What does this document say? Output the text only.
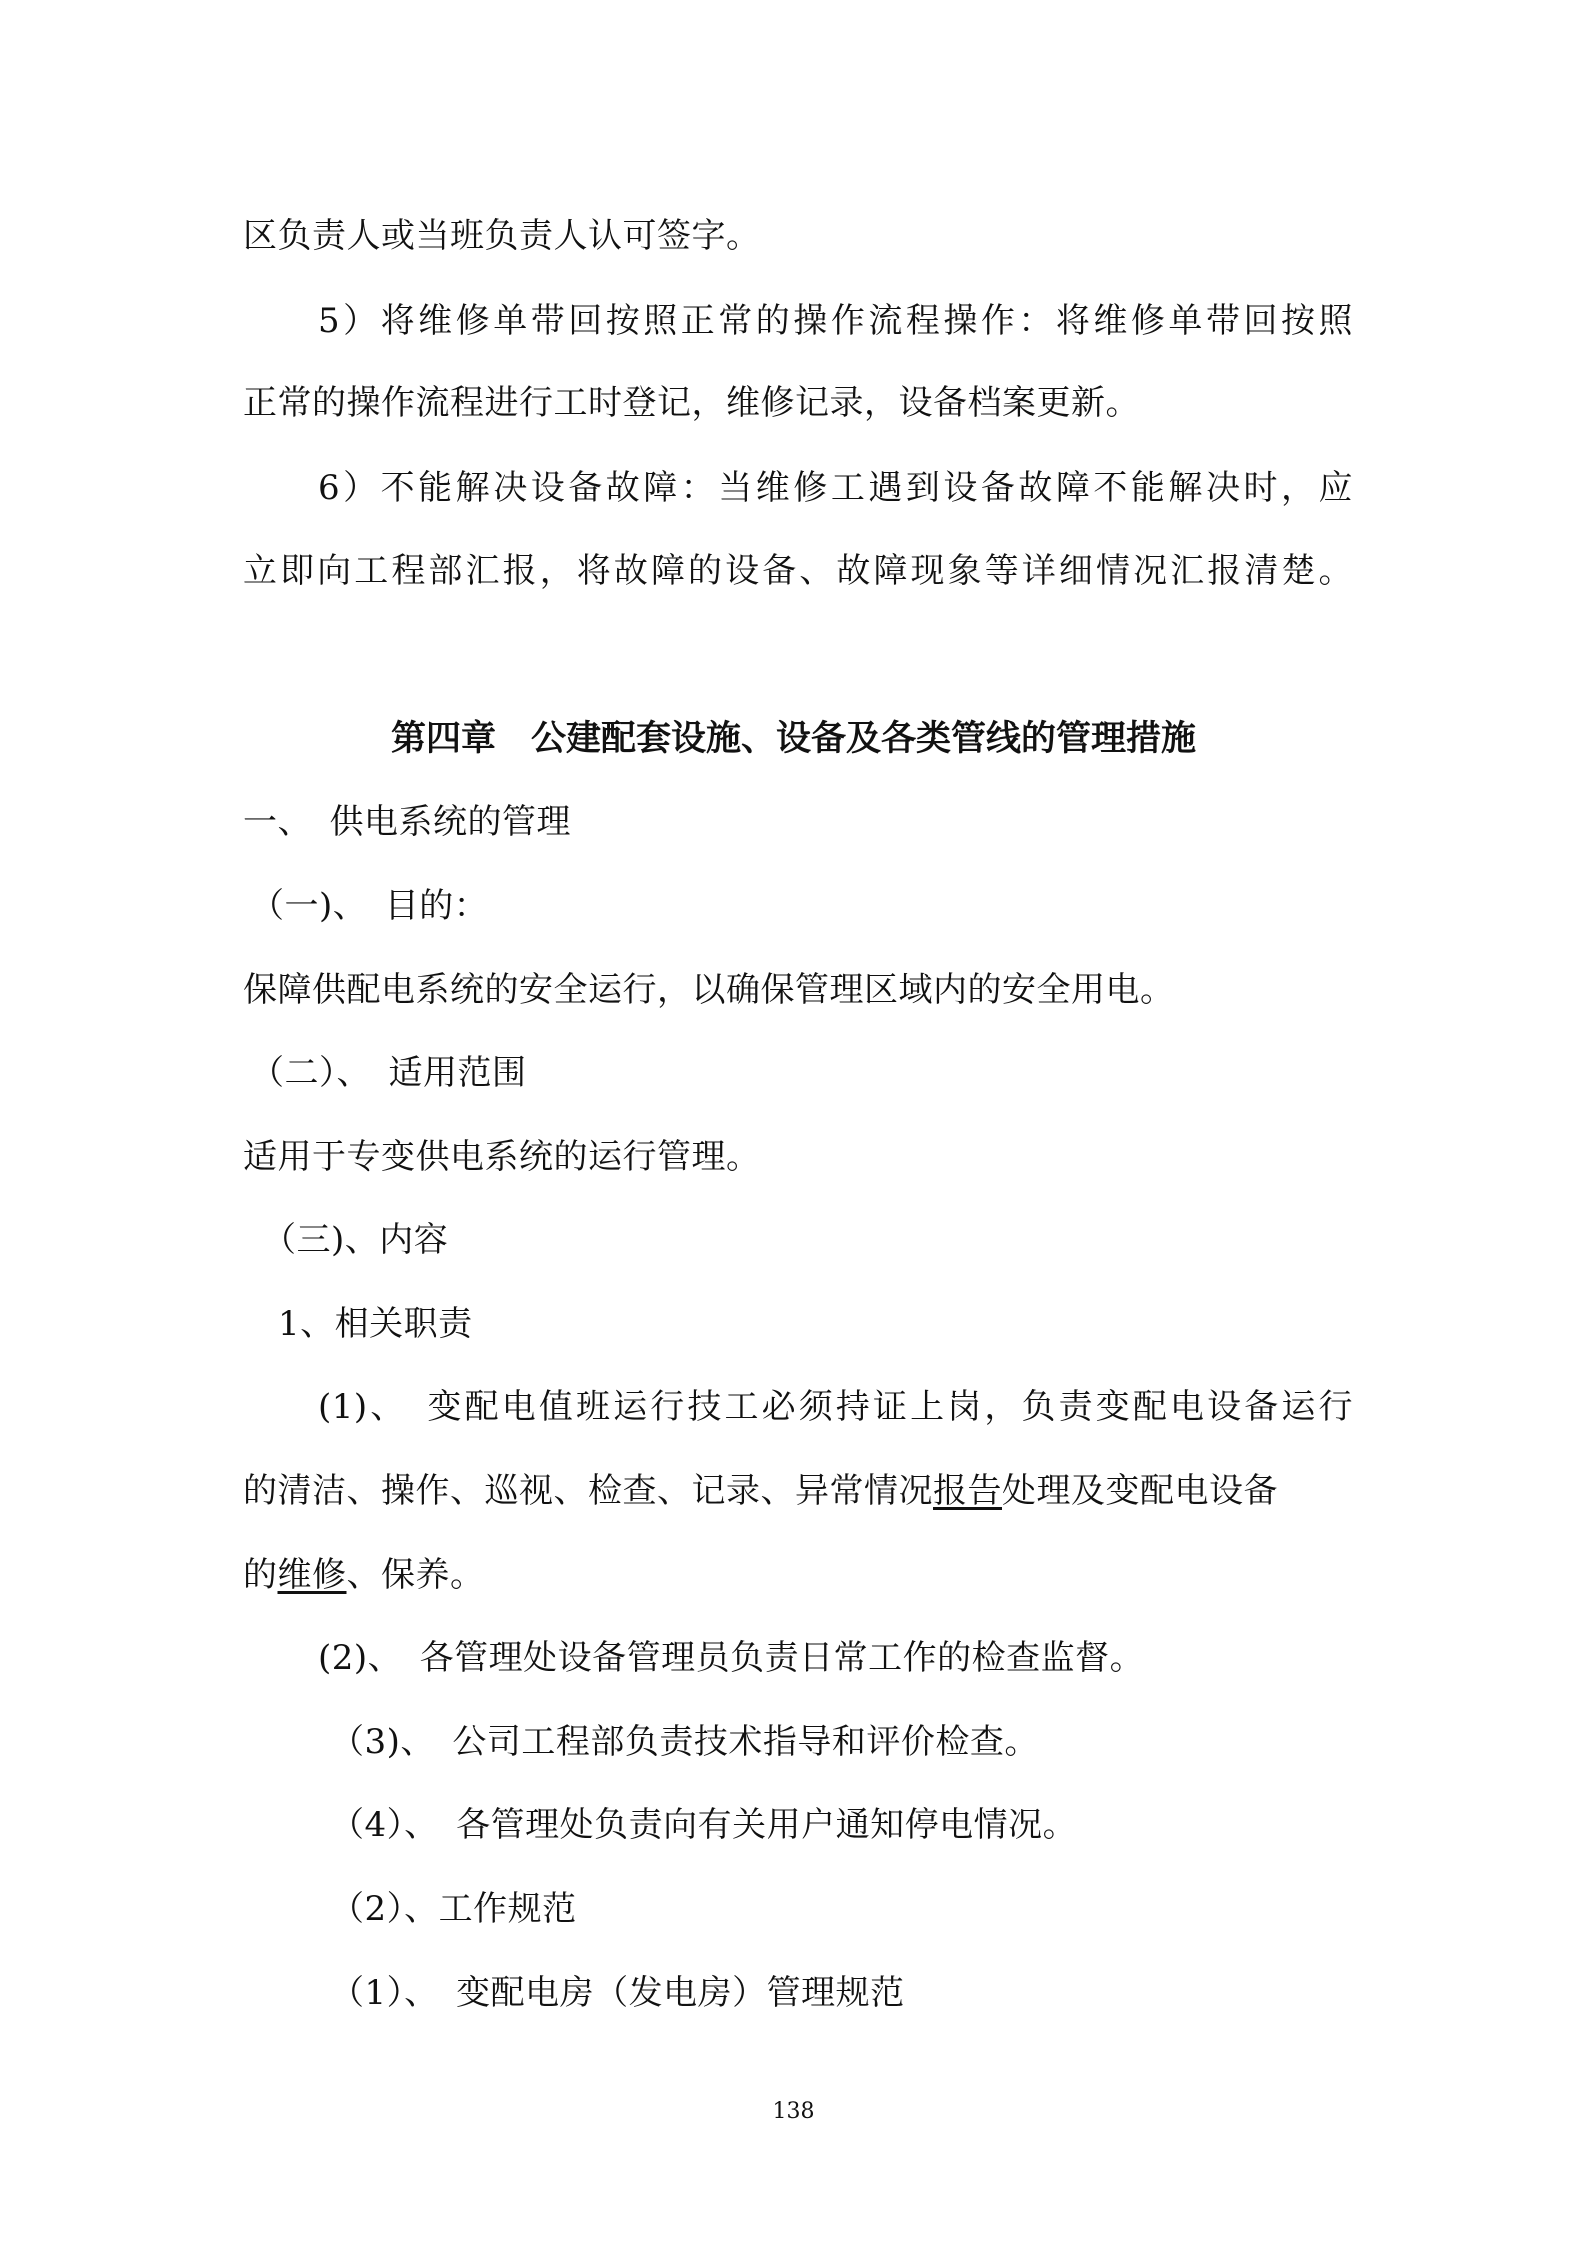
区负责人或当班负责人认可签字。
5）将维修单带回按照正常的操作流程操作：将维修单带回按照
正常的操作流程进行工时登记，维修记录，设备档案更新。
6）不能解决设备故障：当维修工遇到设备故障不能解决时，应
立即向工程部汇报，将故障的设备、故障现象等详细情况汇报清楚。
第四章　公建配套设施、设备及各类管线的管理措施
一、　供电系统的管理
（一)、　目的：
保障供配电系统的安全运行，以确保管理区域内的安全用电。
（二）、　适用范围
适用于专变供电系统的运行管理。
（三)、内容
1、相关职责
(1)、　变配电值班运行技工必须持证上岗，负责变配电设备运行
的清洁、操作、巡视、检查、记录、异常情况报告处理及变配电设备
的维修、保养。
(2)、　各管理处设备管理员负责日常工作的检查监督。
（3)、　公司工程部负责技术指导和评价检查。
（4）、　各管理处负责向有关用户通知停电情况。
（2）、工作规范
（1）、　变配电房（发电房）管理规范
138
